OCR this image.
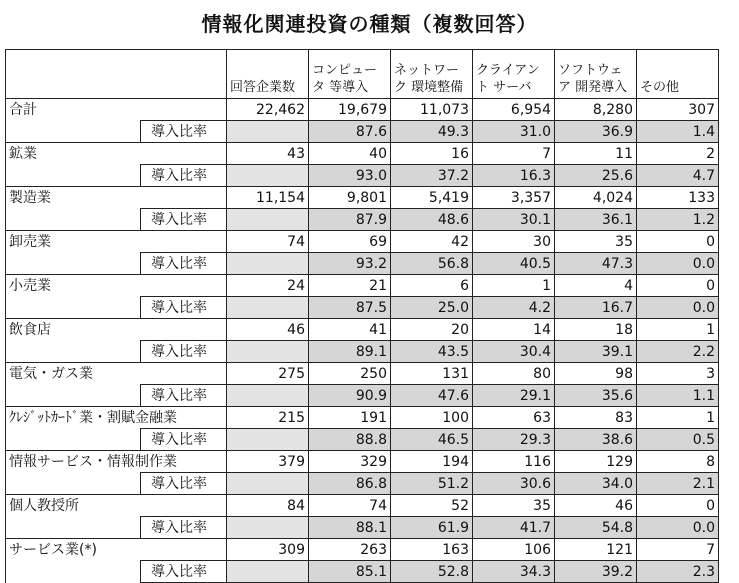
情報化関連投資の種類（複数回答）
		回答企業数	コンピュータ 等導入	ネットワーク 環境整備	クライアント サーバ	ソフトウェア 開発導入	その他
合計		22,462	19,679	11,073	6,954	8,280	307
	導入比率		87.6	49.3	31.0	36.9	1.4
鉱業		43	40	16	7	11	2
	導入比率		93.0	37.2	16.3	25.6	4.7
製造業		11,154	9,801	5,419	3,357	4,024	133
	導入比率		87.9	48.6	30.1	36.1	1.2
卸売業		74	69	42	30	35	0
	導入比率		93.2	56.8	40.5	47.3	0.0
小売業		24	21	6	1	4	0
	導入比率		87.5	25.0	4.2	16.7	0.0
飲食店		46	41	20	14	18	1
	導入比率		89.1	43.5	30.4	39.1	2.2
電気・ガス業		275	250	131	80	98	3
	導入比率		90.9	47.6	29.1	35.6	1.1
ｸﾚｼﾞｯﾄｶｰﾄﾞ業・割賦金融業		215	191	100	63	83	1
	導入比率		88.8	46.5	29.3	38.6	0.5
情報サービス・情報制作業		379	329	194	116	129	8
	導入比率		86.8	51.2	30.6	34.0	2.1
個人教授所		84	74	52	35	46	0
	導入比率		88.1	61.9	41.7	54.8	0.0
サービス業(*)		309	263	163	106	121	7
	導入比率		85.1	52.8	34.3	39.2	2.3
